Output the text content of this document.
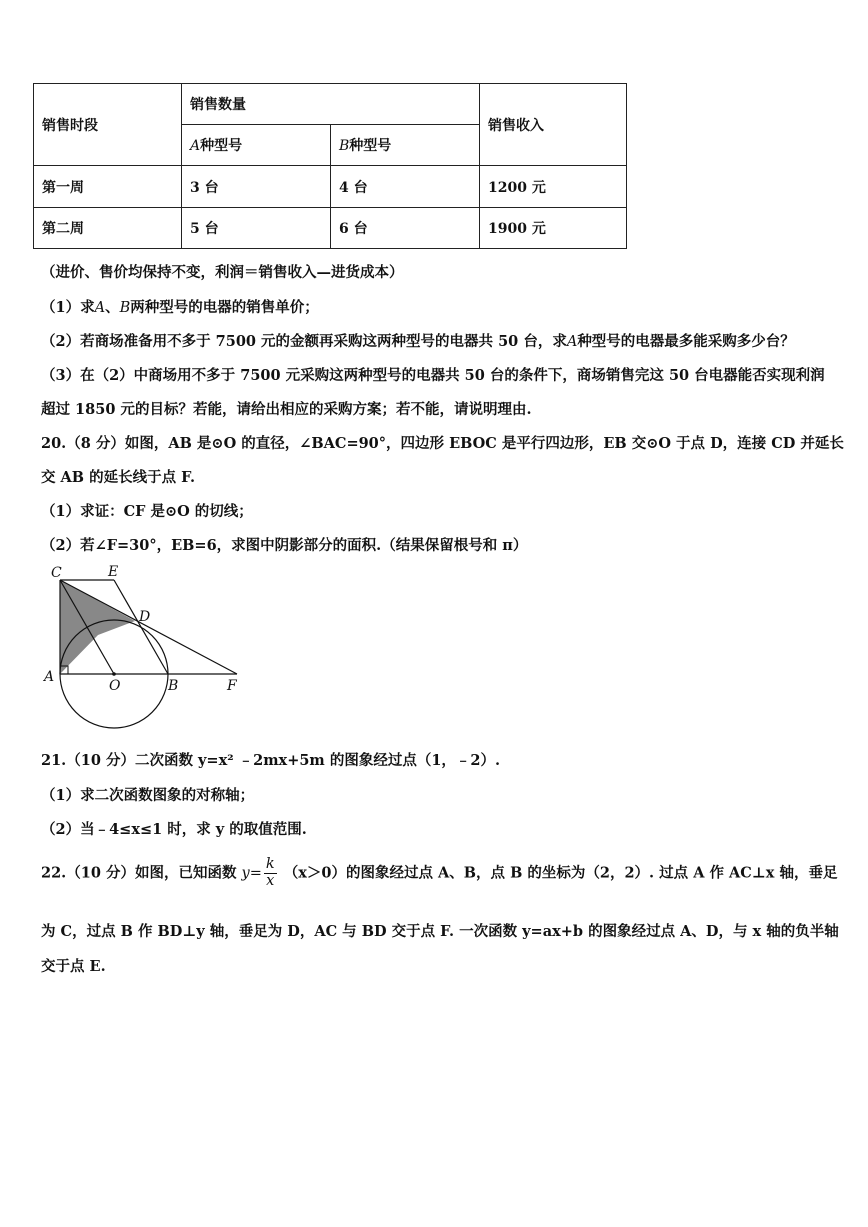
销售时段	销售数量		销售收入
	A种型号	B种型号	
第一周	3 台	4 台	1200 元
第二周	5 台	6 台	1900 元
（进价、售价均保持不变，利润＝销售收入—进货成本）
（1）求A、B两种型号的电器的销售单价；
（2）若商场准备用不多于 7500 元的金额再采购这两种型号的电器共 50 台，求A种型号的电器最多能采购多少台？
（3）在（2）中商场用不多于 7500 元采购这两种型号的电器共 50 台的条件下，商场销售完这 50 台电器能否实现利润
超过 1850 元的目标？若能，请给出相应的采购方案；若不能，请说明理由.
20.（8 分）如图，AB 是⊙O 的直径，∠BAC=90°，四边形 EBOC 是平行四边形，EB 交⊙O 于点 D，连接 CD 并延长
交 AB 的延长线于点 F.
（1）求证：CF 是⊙O 的切线；
（2）若∠F=30°，EB=6，求图中阴影部分的面积.（结果保留根号和 π）
C	E
D
A
O	B	F
21.（10 分）二次函数 y=x² ﹣2mx+5m 的图象经过点（1，﹣2）.
（1）求二次函数图象的对称轴；
（2）当﹣4≤x≤1 时，求 y 的取值范围.
22.（10 分）如图，已知函数 $y= \frac{k}{x} (x>0)$的图象经过点 A、B，点 B 的坐标为（2，2）. 过点 A 作 AC⊥x 轴，垂足
为 C，过点 B 作 BD⊥y 轴，垂足为 D，AC 与 BD 交于点 F. 一次函数 y=ax+b 的图象经过点 A、D，与 x 轴的负半轴
交于点 E.
